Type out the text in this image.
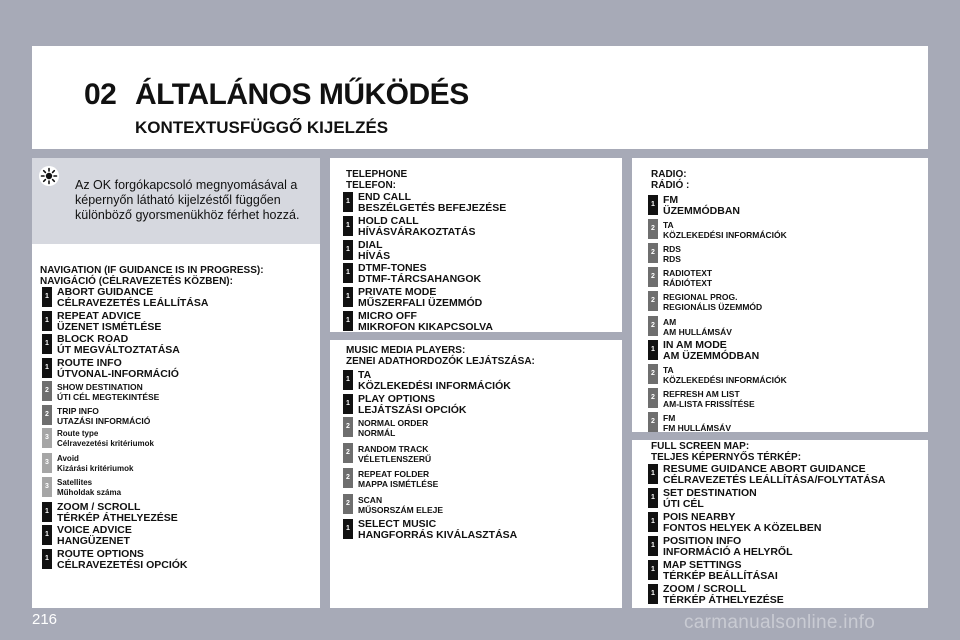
02 ÁLTALÁNOS MŰKÖDÉS
KONTEXTUSFÜGGŐ KIJELZÉS
Az OK forgókapcsoló megnyomásával a képernyőn látható kijelzéstől függően különböző gyorsmenükhöz férhet hozzá.
NAVIGATION (IF GUIDANCE IS IN PROGRESS):
NAVIGÁCIÓ (CÉLRAVEZETÉS KÖZBEN):
TELEPHONE
TELEFON:
MUSIC MEDIA PLAYERS:
ZENEI ADATHORDOZÓK LEJÁTSZÁSA:
RADIO:
RÁDIÓ :
FULL SCREEN MAP:
TELJES KÉPERNYŐS TÉRKÉP:
1 ABORT GUIDANCE
CÉLRAVEZETÉS LEÁLLÍTÁSA
1 REPEAT ADVICE
ÜZENET ISMÉTLÉSE
1 BLOCK ROAD
ÚT MEGVÁLTOZTATÁSA
1 ROUTE INFO
ÚTVONAL-INFORMÁCIÓ
2 SHOW DESTINATION
ÚTI CÉL MEGTEKINTÉSE
2 TRIP INFO
UTAZÁSI INFORMÁCIÓ
3	Route type
Célravezetési kritériumok
3	Avoid
Kizárási kritériumok
3	Satellites
Műholdak száma
1 ZOOM / SCROLL
TÉRKÉP ÁTHELYEZÉSE
1 VOICE ADVICE
HANGÜZENET
1 ROUTE OPTIONS
CÉLRAVEZETÉSI OPCIÓK
1 END CALL
BESZÉLGETÉS BEFEJEZÉSE
1 HOLD CALL
HÍVÁSVÁRAKOZTATÁS
1 DIAL
HÍVÁS
1 DTMF-TONES
DTMF-TÁRCSAHANGOK
1 PRIVATE MODE
MŰSZERFALI ÜZEMMÓD
1 MICRO OFF
MIKROFON KIKAPCSOLVA
1 TA
KÖZLEKEDÉSI INFORMÁCIÓK
1 PLAY OPTIONS
LEJÁTSZÁSI OPCIÓK
2 NORMAL ORDER
NORMÁL
2 RANDOM TRACK
VÉLETLENSZERŰ
2 REPEAT FOLDER
MAPPA ISMÉTLÉSE
2 SCAN
MŰSORSZÁM ELEJE
1 SELECT MUSIC
HANGFORRÁS KIVÁLASZTÁSA
1 FM
ÜZEMMÓDBAN
2 TA
KÖZLEKEDÉSI INFORMÁCIÓK
2 RDS
RDS
2 RADIOTEXT
RÁDIÓTEXT
2 REGIONAL PROG.
REGIONÁLIS ÜZEMMÓD
2 AM
AM HULLÁMSÁV
1 IN AM MODE
AM ÜZEMMÓDBAN
2 TA
KÖZLEKEDÉSI INFORMÁCIÓK
2 REFRESH AM LIST
AM-LISTA FRISSÍTÉSE
2 FM
FM HULLÁMSÁV
1 RESUME GUIDANCE ABORT GUIDANCE
CÉLRAVEZETÉS LEÁLLÍTÁSA/FOLYTATÁSA
1 SET DESTINATION
ÚTI CÉL
1 POIS NEARBY
FONTOS HELYEK A KÖZELBEN
1 POSITION INFO
INFORMÁCIÓ A HELYRŐL
1 MAP SETTINGS
TÉRKÉP BEÁLLÍTÁSAI
1 ZOOM / SCROLL
TÉRKÉP ÁTHELYEZÉSE
216	carmanualsonline.info
